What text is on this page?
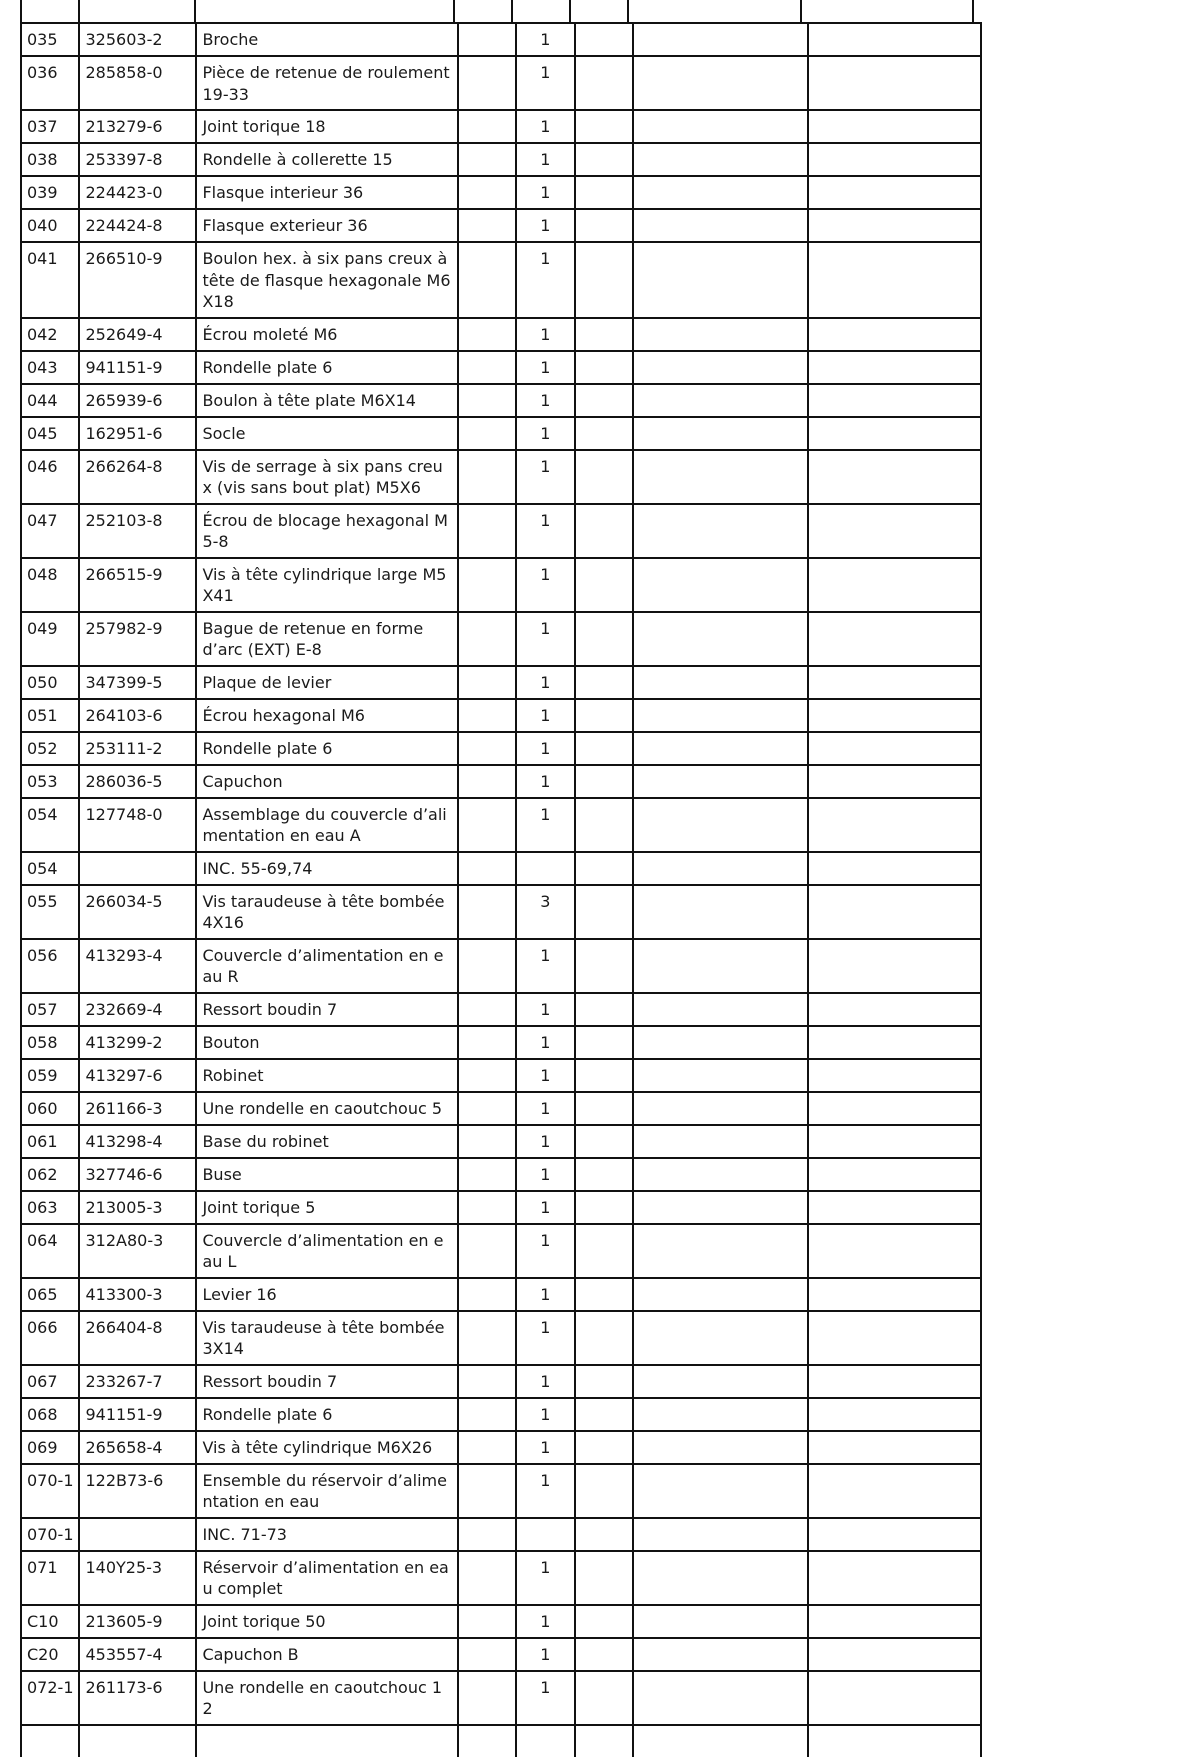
035	325603-2	Broche		1			
036	285858-0	Pièce de retenue de roulement 19-33		1			
037	213279-6	Joint torique 18		1			
038	253397-8	Rondelle à collerette 15		1			
039	224423-0	Flasque interieur 36		1			
040	224424-8	Flasque exterieur 36		1			
041	266510-9	Boulon hex. à six pans creux à tête de flasque hexagonale M6X18		1			
042	252649-4	Écrou moleté M6		1			
043	941151-9	Rondelle plate 6		1			
044	265939-6	Boulon à tête plate M6X14		1			
045	162951-6	Socle		1			
046	266264-8	Vis de serrage à six pans creux (vis sans bout plat) M5X6		1			
047	252103-8	Écrou de blocage hexagonal M5-8		1			
048	266515-9	Vis à tête cylindrique large M5X41		1			
049	257982-9	Bague de retenue en forme d’arc (EXT) E-8		1			
050	347399-5	Plaque de levier		1			
051	264103-6	Écrou hexagonal M6		1			
052	253111-2	Rondelle plate 6		1			
053	286036-5	Capuchon		1			
054	127748-0	Assemblage du couvercle d’alimentation en eau A		1			
054		INC. 55-69,74					
055	266034-5	Vis taraudeuse à tête bombée 4X16		3			
056	413293-4	Couvercle d’alimentation en eau R		1			
057	232669-4	Ressort boudin 7		1			
058	413299-2	Bouton		1			
059	413297-6	Robinet		1			
060	261166-3	Une rondelle en caoutchouc 5		1			
061	413298-4	Base du robinet		1			
062	327746-6	Buse		1			
063	213005-3	Joint torique 5		1			
064	312A80-3	Couvercle d’alimentation en eau L		1			
065	413300-3	Levier 16		1			
066	266404-8	Vis taraudeuse à tête bombée 3X14		1			
067	233267-7	Ressort boudin 7		1			
068	941151-9	Rondelle plate 6		1			
069	265658-4	Vis à tête cylindrique M6X26		1			
070-1	122B73-6	Ensemble du réservoir d’alimentation en eau		1			
070-1		INC. 71-73					
071	140Y25-3	Réservoir d’alimentation en eau complet		1			
C10	213605-9	Joint torique 50		1			
C20	453557-4	Capuchon B		1			
072-1	261173-6	Une rondelle en caoutchouc 12		1			
